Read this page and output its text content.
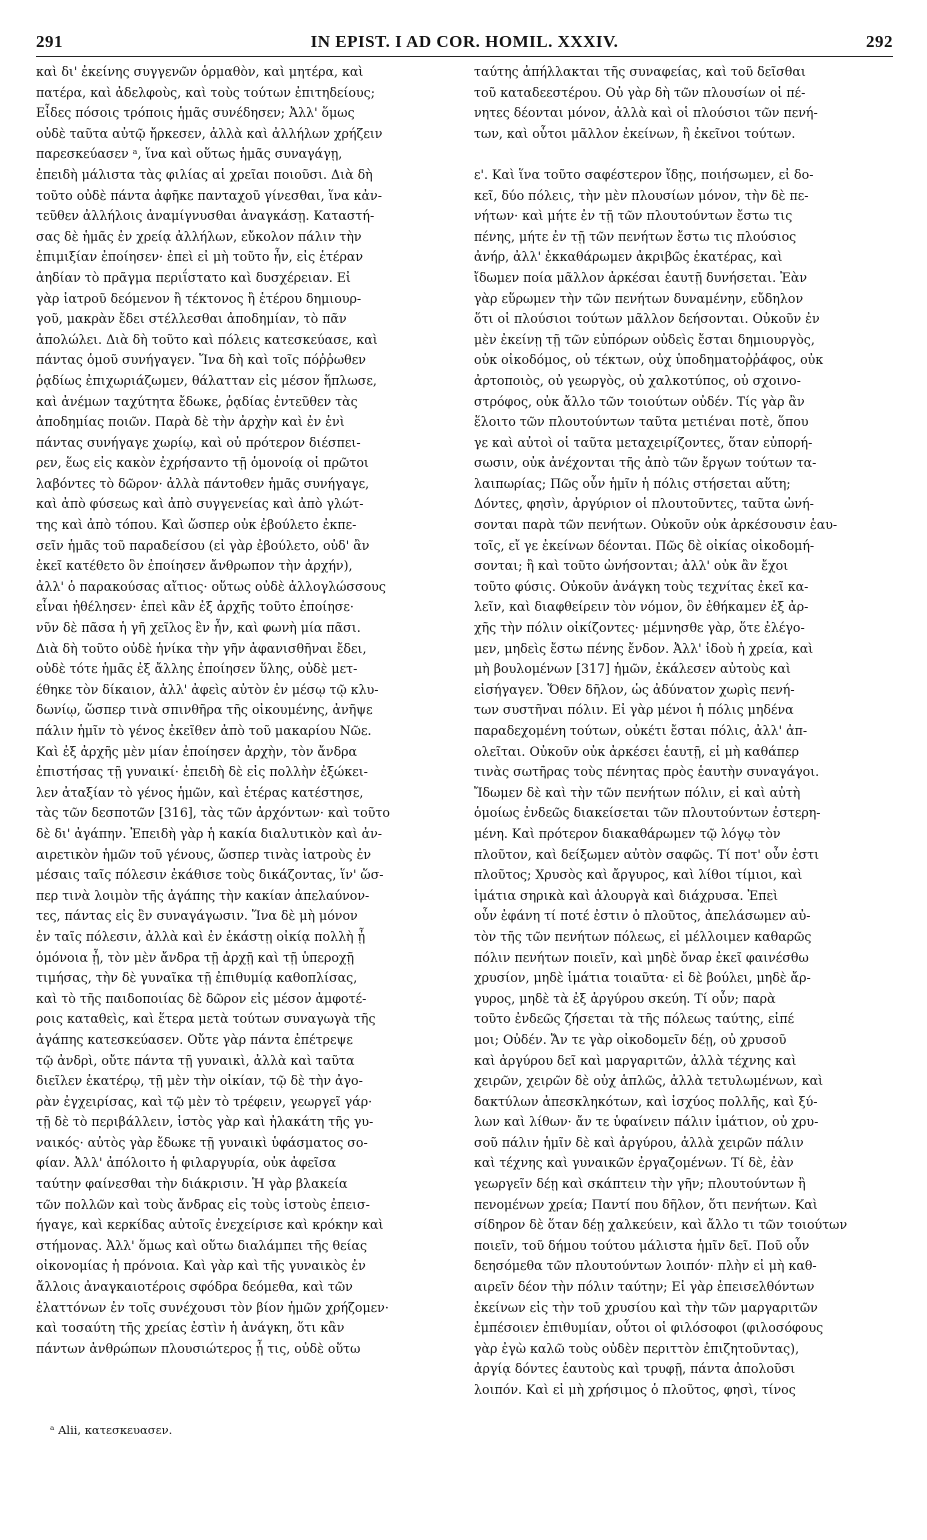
291	IN EPIST. I AD COR. HOMIL. XXXIV.	292
καὶ δι' ἐκείνης συγγενῶν ὁρμαθὸν, καὶ μητέρα, καὶ
πατέρα, καὶ ἀδελφοὺς, καὶ τοὺς τούτων ἐπιτηδείους;
Εἶδες πόσοις τρόποις ἡμᾶς συνέδησεν; Ἀλλ' ὅμως
οὐδὲ ταῦτα αὐτῷ ἤρκεσεν, ἀλλὰ καὶ ἀλλήλων χρήζειν
παρεσκεύασεν ᵃ, ἵνα καὶ οὕτως ἡμᾶς συναγάγῃ,
ἐπειδὴ μάλιστα τὰς φιλίας αἱ χρεῖαι ποιοῦσι. Διὰ δὴ
τοῦτο οὐδὲ πάντα ἀφῆκε πανταχοῦ γίνεσθαι, ἵνα κἀν-
τεῦθεν ἀλλήλοις ἀναμίγνυσθαι ἀναγκάσῃ. Καταστή-
σας δὲ ἡμᾶς ἐν χρείᾳ ἀλλήλων, εὔκολον πάλιν τὴν
ἐπιμιξίαν ἐποίησεν· ἐπεὶ εἰ μὴ τοῦτο ἦν, εἰς ἑτέραν
ἀηδίαν τὸ πρᾶγμα περιΐστατο καὶ δυσχέρειαν. Εἰ
γὰρ ἰατροῦ δεόμενον ἢ τέκτονος ἢ ἑτέρου δημιουρ-
γοῦ, μακρὰν ἔδει στέλλεσθαι ἀποδημίαν, τὸ πᾶν
ἀπολώλει. Διὰ δὴ τοῦτο καὶ πόλεις κατεσκεύασε, καὶ
πάντας ὁμοῦ συνήγαγεν. Ἵνα δὴ καὶ τοῖς πόῤῥωθεν
ῥᾳδίως ἐπιχωριάζωμεν, θάλατταν εἰς μέσον ἥπλωσε,
καὶ ἀνέμων ταχύτητα ἔδωκε, ῥᾳδίας ἐντεῦθεν τὰς
ἀποδημίας ποιῶν. Παρὰ δὲ τὴν ἀρχὴν καὶ ἐν ἑνὶ
πάντας συνήγαγε χωρίῳ, καὶ οὐ πρότερον διέσπει-
ρεν, ἕως εἰς κακὸν ἐχρήσαντο τῇ ὁμονοίᾳ οἱ πρῶτοι
λαβόντες τὸ δῶρον· ἀλλὰ πάντοθεν ἡμᾶς συνήγαγε,
καὶ ἀπὸ φύσεως καὶ ἀπὸ συγγενείας καὶ ἀπὸ γλώτ-
της καὶ ἀπὸ τόπου. Καὶ ὥσπερ οὐκ ἐβούλετο ἐκπε-
σεῖν ἡμᾶς τοῦ παραδείσου (εἰ γὰρ ἐβούλετο, οὐδ' ἂν
ἐκεῖ κατέθετο ὃν ἐποίησεν ἄνθρωπον τὴν ἀρχήν),
ἀλλ' ὁ παρακούσας αἴτιος· οὕτως οὐδὲ ἀλλογλώσσους
εἶναι ἠθέλησεν· ἐπεὶ κἂν ἐξ ἀρχῆς τοῦτο ἐποίησε·
νῦν δὲ πᾶσα ἡ γῆ χεῖλος ἓν ἦν, καὶ φωνὴ μία πᾶσι.
Διὰ δὴ τοῦτο οὐδὲ ἡνίκα τὴν γῆν ἀφανισθῆναι ἔδει,
οὐδὲ τότε ἡμᾶς ἐξ ἄλλης ἐποίησεν ὕλης, οὐδὲ μετ-
έθηκε τὸν δίκαιον, ἀλλ' ἀφεὶς αὐτὸν ἐν μέσῳ τῷ κλυ-
δωνίῳ, ὥσπερ τινὰ σπινθῆρα τῆς οἰκουμένης, ἀνῆψε
πάλιν ἡμῖν τὸ γένος ἐκεῖθεν ἀπὸ τοῦ μακαρίου Νῶε.
Καὶ ἐξ ἀρχῆς μὲν μίαν ἐποίησεν ἀρχὴν, τὸν ἄνδρα
ἐπιστήσας τῇ γυναικί· ἐπειδὴ δὲ εἰς πολλὴν ἐξώκει-
λεν ἀταξίαν τὸ γένος ἡμῶν, καὶ ἑτέρας κατέστησε,
τὰς τῶν δεσποτῶν [316], τὰς τῶν ἀρχόντων· καὶ τοῦτο
δὲ δι' ἀγάπην. Ἐπειδὴ γὰρ ἡ κακία διαλυτικὸν καὶ ἀν-
αιρετικὸν ἡμῶν τοῦ γένους, ὥσπερ τινὰς ἰατροὺς ἐν
μέσαις ταῖς πόλεσιν ἐκάθισε τοὺς δικάζοντας, ἵν' ὥσ-
περ τινὰ λοιμὸν τῆς ἀγάπης τὴν κακίαν ἀπελαύνον-
τες, πάντας εἰς ἓν συναγάγωσιν. Ἵνα δὲ μὴ μόνον
ἐν ταῖς πόλεσιν, ἀλλὰ καὶ ἐν ἑκάστῃ οἰκίᾳ πολλὴ ᾖ
ὁμόνοια ᾖ, τὸν μὲν ἄνδρα τῇ ἀρχῇ καὶ τῇ ὑπεροχῇ
τιμήσας, τὴν δὲ γυναῖκα τῇ ἐπιθυμίᾳ καθοπλίσας,
καὶ τὸ τῆς παιδοποιίας δὲ δῶρον εἰς μέσον ἀμφοτέ-
ροις καταθεὶς, καὶ ἕτερα μετὰ τούτων συναγωγὰ τῆς
ἀγάπης κατεσκεύασεν. Οὔτε γὰρ πάντα ἐπέτρεψε
τῷ ἀνδρὶ, οὔτε πάντα τῇ γυναικὶ, ἀλλὰ καὶ ταῦτα
διεῖλεν ἑκατέρῳ, τῇ μὲν τὴν οἰκίαν, τῷ δὲ τὴν ἀγο-
ρὰν ἐγχειρίσας, καὶ τῷ μὲν τὸ τρέφειν, γεωργεῖ γάρ·
τῇ δὲ τὸ περιβάλλειν, ἱστὸς γὰρ καὶ ἠλακάτη τῆς γυ-
ναικός· αὐτὸς γὰρ ἔδωκε τῇ γυναικὶ ὑφάσματος σο-
φίαν. Ἀλλ' ἀπόλοιτο ἡ φιλαργυρία, οὐκ ἀφεῖσα
ταύτην φαίνεσθαι τὴν διάκρισιν. Ἡ γὰρ βλακεία
τῶν πολλῶν καὶ τοὺς ἄνδρας εἰς τοὺς ἱστοὺς ἐπεισ-
ήγαγε, καὶ κερκίδας αὐτοῖς ἐνεχείρισε καὶ κρόκην καὶ
στήμονας. Ἀλλ' ὅμως καὶ οὕτω διαλάμπει τῆς θείας
οἰκονομίας ἡ πρόνοια. Καὶ γὰρ καὶ τῆς γυναικὸς ἐν
ἄλλοις ἀναγκαιοτέροις σφόδρα δεόμεθα, καὶ τῶν
ἐλαττόνων ἐν τοῖς συνέχουσι τὸν βίον ἡμῶν χρήζομεν·
καὶ τοσαύτη τῆς χρείας ἐστὶν ἡ ἀνάγκη, ὅτι κἂν
πάντων ἀνθρώπων πλουσιώτερος ᾖ τις, οὐδὲ οὕτω
ταύτης ἀπήλλακται τῆς συναφείας, καὶ τοῦ δεῖσθαι
τοῦ καταδεεστέρου. Οὐ γὰρ δὴ τῶν πλουσίων οἱ πέ-
νητες δέονται μόνον, ἀλλὰ καὶ οἱ πλούσιοι τῶν πενή-
των, καὶ οὗτοι μᾶλλον ἐκείνων, ἢ ἐκεῖνοι τούτων.

ε'. Καὶ ἵνα τοῦτο σαφέστερον ἴδῃς, ποιήσωμεν, εἰ δο-
κεῖ, δύο πόλεις, τὴν μὲν πλουσίων μόνον, τὴν δὲ πε-
νήτων· καὶ μήτε ἐν τῇ τῶν πλουτούντων ἔστω τις
πένης, μήτε ἐν τῇ τῶν πενήτων ἔστω τις πλούσιος
ἀνήρ, ἀλλ' ἐκκαθάρωμεν ἀκριβῶς ἑκατέρας, καὶ
ἴδωμεν ποία μᾶλλον ἀρκέσαι ἑαυτῇ δυνήσεται. Ἐὰν
γὰρ εὕρωμεν τὴν τῶν πενήτων δυναμένην, εὔδηλον
ὅτι οἱ πλούσιοι τούτων μᾶλλον δεήσονται. Οὐκοῦν ἐν
μὲν ἐκείνῃ τῇ τῶν εὐπόρων οὐδεὶς ἔσται δημιουργὸς,
οὐκ οἰκοδόμος, οὐ τέκτων, οὐχ ὑποδηματοῤῥάφος, οὐκ
ἀρτοποιὸς, οὐ γεωργὸς, οὐ χαλκοτύπος, οὐ σχοινο-
στρόφος, οὐκ ἄλλο τῶν τοιούτων οὐδέν. Τίς γὰρ ἂν
ἕλοιτο τῶν πλουτούντων ταῦτα μετιέναι ποτὲ, ὅπου
γε καὶ αὐτοὶ οἱ ταῦτα μεταχειρίζοντες, ὅταν εὐπορή-
σωσιν, οὐκ ἀνέχονται τῆς ἀπὸ τῶν ἔργων τούτων τα-
λαιπωρίας; Πῶς οὖν ἡμῖν ἡ πόλις στήσεται αὕτη;
Δόντες, φησὶν, ἀργύριον οἱ πλουτοῦντες, ταῦτα ὠνή-
σονται παρὰ τῶν πενήτων. Οὐκοῦν οὐκ ἀρκέσουσιν ἑαυ-
τοῖς, εἴ γε ἐκείνων δέονται. Πῶς δὲ οἰκίας οἰκοδομή-
σονται; ἢ καὶ τοῦτο ὠνήσονται; ἀλλ' οὐκ ἂν ἔχοι
τοῦτο φύσις. Οὐκοῦν ἀνάγκη τοὺς τεχνίτας ἐκεῖ κα-
λεῖν, καὶ διαφθείρειν τὸν νόμον, ὃν ἐθήκαμεν ἐξ ἀρ-
χῆς τὴν πόλιν οἰκίζοντες· μέμνησθε γὰρ, ὅτε ἐλέγο-
μεν, μηδεὶς ἔστω πένης ἔνδον. Ἀλλ' ἰδοὺ ἡ χρεία, καὶ
μὴ βουλομένων [317] ἡμῶν, ἐκάλεσεν αὐτοὺς καὶ
εἰσήγαγεν. Ὅθεν δῆλον, ὡς ἀδύνατον χωρὶς πενή-
των συστῆναι πόλιν. Εἰ γὰρ μένοι ἡ πόλις μηδένα
παραδεχομένη τούτων, οὐκέτι ἔσται πόλις, ἀλλ' ἀπ-
ολεῖται. Οὐκοῦν οὐκ ἀρκέσει ἑαυτῇ, εἰ μὴ καθάπερ
τινὰς σωτῆρας τοὺς πένητας πρὸς ἑαυτὴν συναγάγοι.
Ἴδωμεν δὲ καὶ τὴν τῶν πενήτων πόλιν, εἰ καὶ αὐτὴ
ὁμοίως ἐνδεῶς διακείσεται τῶν πλουτούντων ἐστερη-
μένη. Καὶ πρότερον διακαθάρωμεν τῷ λόγῳ τὸν
πλοῦτον, καὶ δείξωμεν αὐτὸν σαφῶς. Τί ποτ' οὖν ἐστι
πλοῦτος; Χρυσὸς καὶ ἄργυρος, καὶ λίθοι τίμιοι, καὶ
ἱμάτια σηρικὰ καὶ ἁλουργὰ καὶ διάχρυσα. Ἐπεὶ
οὖν ἐφάνη τί ποτέ ἐστιν ὁ πλοῦτος, ἀπελάσωμεν αὐ-
τὸν τῆς τῶν πενήτων πόλεως, εἰ μέλλοιμεν καθαρῶς
πόλιν πενήτων ποιεῖν, καὶ μηδὲ ὄναρ ἐκεῖ φαινέσθω
χρυσίον, μηδὲ ἱμάτια τοιαῦτα· εἰ δὲ βούλει, μηδὲ ἄρ-
γυρος, μηδὲ τὰ ἐξ ἀργύρου σκεύη. Τί οὖν; παρὰ
τοῦτο ἐνδεῶς ζήσεται τὰ τῆς πόλεως ταύτης, εἰπέ
μοι; Οὐδέν. Ἄν τε γὰρ οἰκοδομεῖν δέῃ, οὐ χρυσοῦ
καὶ ἀργύρου δεῖ καὶ μαργαριτῶν, ἀλλὰ τέχνης καὶ
χειρῶν, χειρῶν δὲ οὐχ ἁπλῶς, ἀλλὰ τετυλωμένων, καὶ
δακτύλων ἀπεσκληκότων, καὶ ἰσχύος πολλῆς, καὶ ξύ-
λων καὶ λίθων· ἄν τε ὑφαίνειν πάλιν ἱμάτιον, οὐ χρυ-
σοῦ πάλιν ἡμῖν δὲ καὶ ἀργύρου, ἀλλὰ χειρῶν πάλιν
καὶ τέχνης καὶ γυναικῶν ἐργαζομένων. Τί δὲ, ἐὰν
γεωργεῖν δέῃ καὶ σκάπτειν τὴν γῆν; πλουτούντων ἢ
πενομένων χρεία; Παντί που δῆλον, ὅτι πενήτων. Καὶ
σίδηρον δὲ ὅταν δέῃ χαλκεύειν, καὶ ἄλλο τι τῶν τοιούτων
ποιεῖν, τοῦ δήμου τούτου μάλιστα ἡμῖν δεῖ. Ποῦ οὖν
δεησόμεθα τῶν πλουτούντων λοιπόν· πλὴν εἰ μὴ καθ-
αιρεῖν δέον τὴν πόλιν ταύτην; Εἰ γὰρ ἐπεισελθόντων
ἐκείνων εἰς τὴν τοῦ χρυσίου καὶ τὴν τῶν μαργαριτῶν
ἐμπέσοιεν ἐπιθυμίαν, οὗτοι οἱ φιλόσοφοι (φιλοσόφους
γὰρ ἐγὼ καλῶ τοὺς οὐδὲν περιττὸν ἐπιζητοῦντας),
ἀργίᾳ δόντες ἑαυτοὺς καὶ τρυφῇ, πάντα ἀπολοῦσι
λοιπόν. Καὶ εἰ μὴ χρήσιμος ὁ πλοῦτος, φησὶ, τίνος
ᵃ Alii, κατεσκευασεν.
